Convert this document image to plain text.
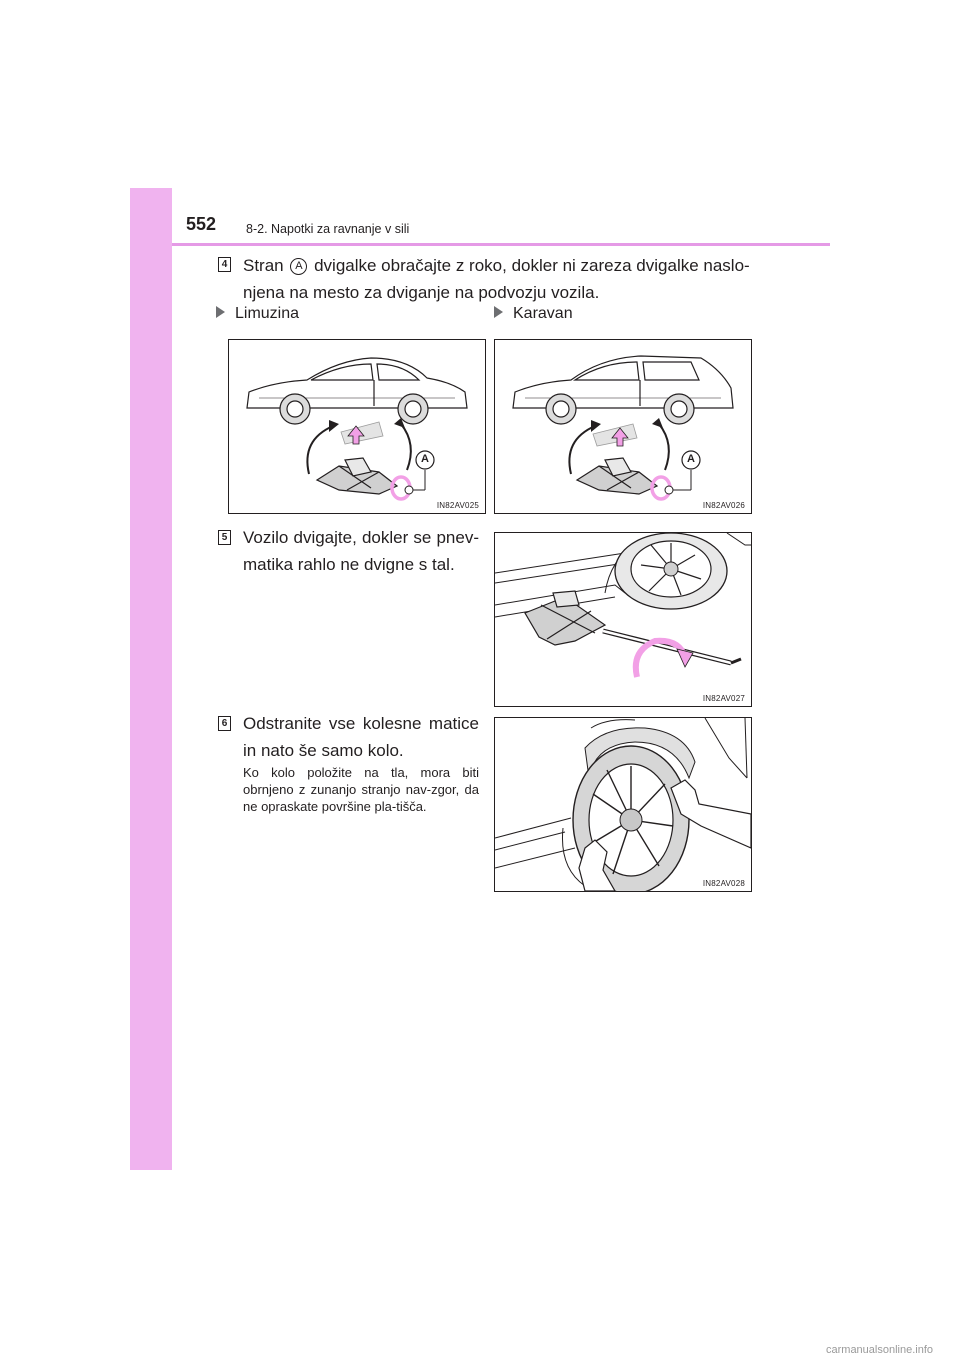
552 8-2. Napotki za ravnanje v sili
4 Stran A dvigalke obračajte z roko, dokler ni zareza dvigalke naslo-njena na mesto za dviganje na podvozju vozila.
Limuzina	Karavan
A
IN82AV025
A
IN82AV026
5 Vozilo dvigajte, dokler se pnev-matika rahlo ne dvigne s tal.
IN82AV027
6 Odstranite vse kolesne matice in nato še samo kolo.
Ko kolo položite na tla, mora biti obrnjeno z zunanjo stranjo nav-zgor, da ne opraskate površine pla-tišča.
IN82AV028
carmanualsonline.info
